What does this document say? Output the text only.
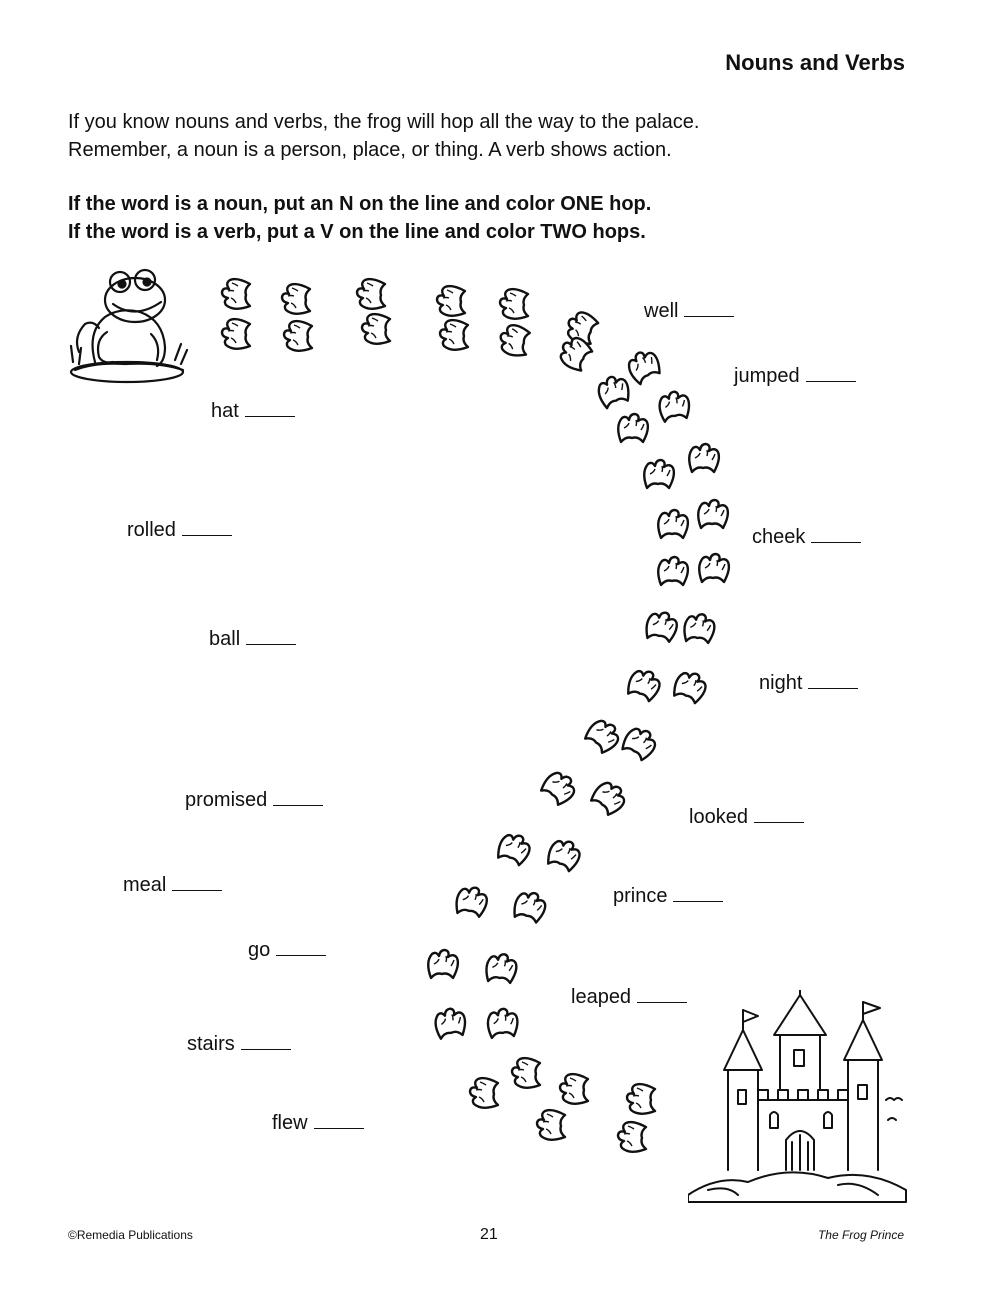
Nouns and Verbs
If you know nouns and verbs, the frog will hop all the way to the palace.
Remember, a noun is a person, place, or thing. A verb shows action.
If the word is a noun, put an N on the line and color ONE hop.
If the word is a verb, put a V on the line and color TWO hops.
well
jumped
hat
rolled	cheek
ball
night
promised
looked
meal	prince
go
leaped
stairs
flew
©Remedia Publications	21	The Frog Prince
